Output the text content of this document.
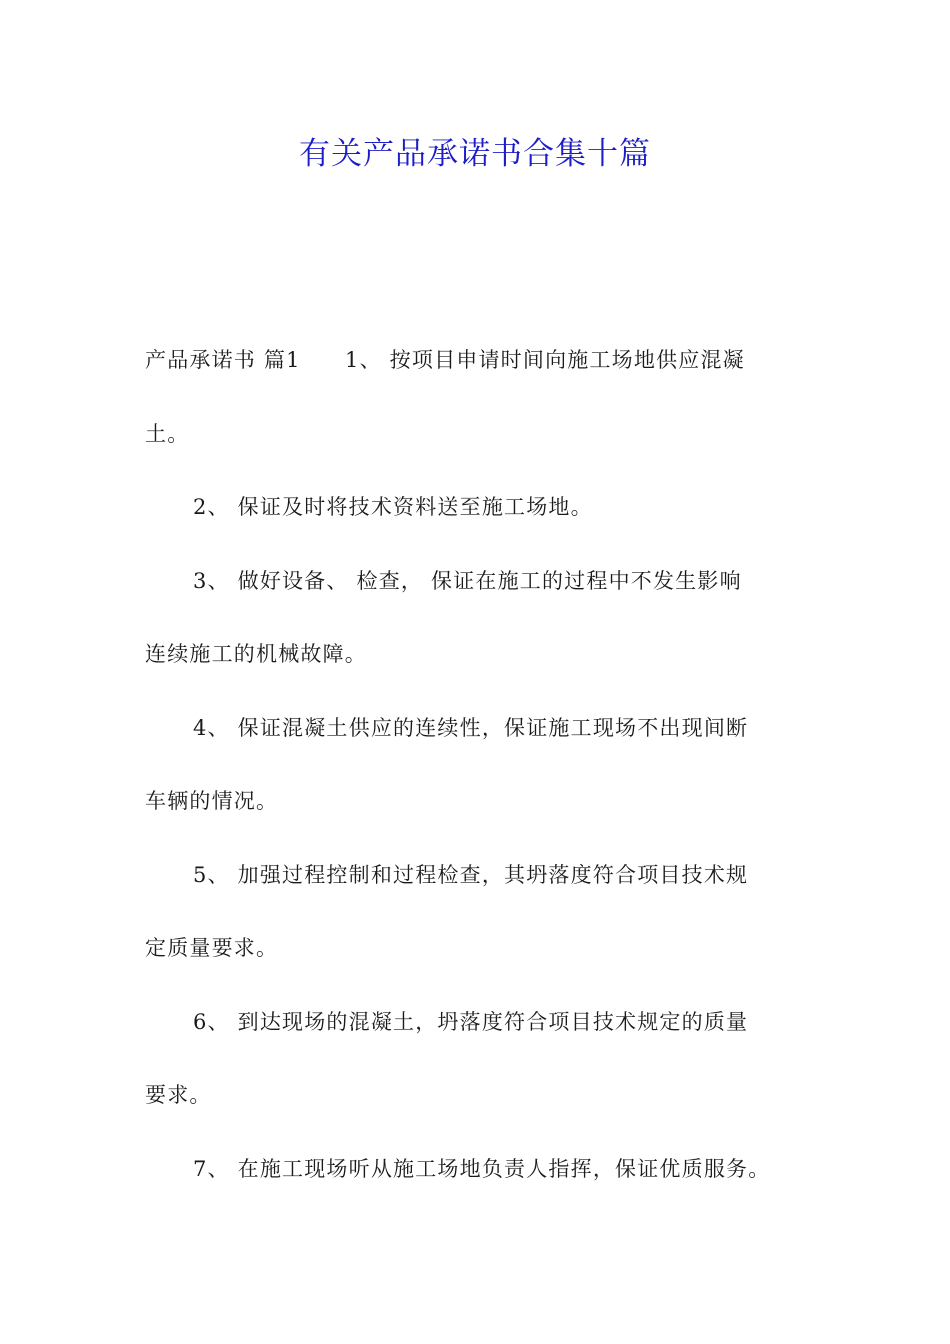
有关产品承诺书合集十篇
产品承诺书 篇1　　1、 按项目申请时间向施工场地供应混凝
土。
2、 保证及时将技术资料送至施工场地。
3、 做好设备、 检查， 保证在施工的过程中不发生影响
连续施工的机械故障。
4、 保证混凝土供应的连续性，保证施工现场不出现间断
车辆的情况。
5、 加强过程控制和过程检查，其坍落度符合项目技术规
定质量要求。
6、 到达现场的混凝土，坍落度符合项目技术规定的质量
要求。
7、 在施工现场听从施工场地负责人指挥，保证优质服务。
